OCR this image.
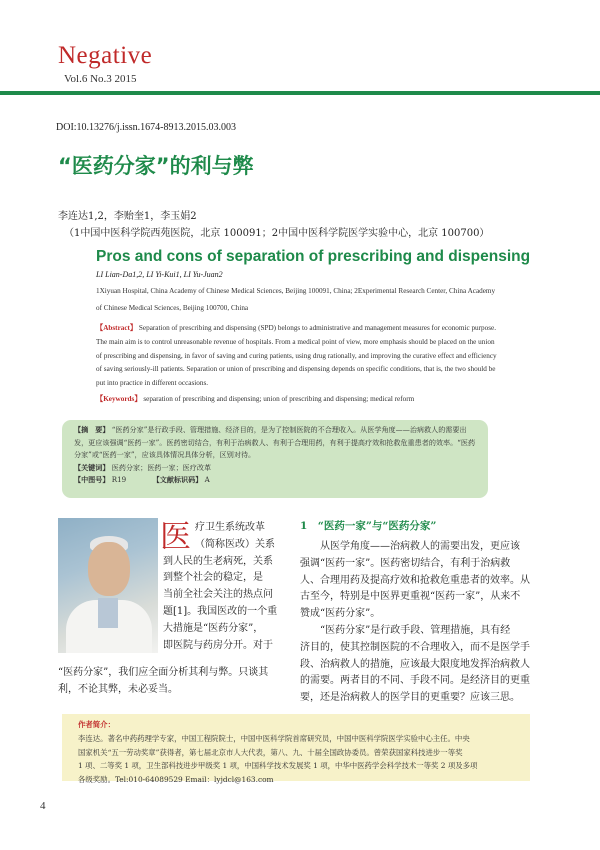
Negative
Vol.6 No.3 2015
DOI:10.13276/j.issn.1674-8913.2015.03.003
“医药分家”的利与弊
李连达1,2，李贻奎1，李玉娟2
（1中国中医科学院西苑医院，北京 100091；2中国中医科学院医学实验中心，北京 100700）
Pros and cons of separation of prescribing and dispensing
LI Lian-Da1,2, LI Yi-Kui1, LI Yu-Juan2
1Xiyuan Hospital, China Academy of Chinese Medical Sciences, Beijing 100091, China; 2Experimental Research Center, China Academy of Chinese Medical Sciences, Beijing 100700, China
【Abstract】 Separation of prescribing and dispensing (SPD) belongs to administrative and management measures for economic purpose. The main aim is to control unreasonable revenue of hospitals. From a medical point of view, more emphasis should be placed on the union of prescribing and dispensing, in favor of saving and curing patients, using drug rationally, and improving the curative effect and efficiency of saving seriously-ill patients. Separation or union of prescribing and dispensing depends on specific conditions, that is, the two should be put into practice in different occasions.
【Keywords】 separation of prescribing and dispensing; union of prescribing and dispensing; medical reform
【摘　要】 “医药分家”是行政手段、管理措施、经济目的，是为了控制医院的不合理收入。从医学角度——治病救人的需要出发，更应该强调“医药一家”。医药密切结合，有利于治病救人、有利于合理用药，有利于提高疗效和抢救危重患者的效率。“医药分家”或“医药一家”，应该具体情况具体分析，区别对待。
【关键词】 医药分家；医药一家；医疗改革
【中图号】 R19	【文献标识码】 A
医 疗卫生系统改革
（简称医改）关系
到人民的生老病死，关系
到整个社会的稳定，是
当前全社会关注的热点问
题[1]。我国医改的一个重
大措施是“医药分家”，
即医院与药房分开。对于
“医药分家”，我们应全面分析其利与弊。只谈其
利，不论其弊，未必妥当。
1　“医药一家”与“医药分家”
　　从医学角度——治病救人的需要出发，更应该
强调“医药一家”。医药密切结合，有利于治病救
人、合理用药及提高疗效和抢救危重患者的效率。从
古至今，特别是中医界更重视“医药一家”，从来不
赞成“医药分家”。
　　“医药分家”是行政手段、管理措施，具有经
济目的，使其控制医院的不合理收入，而不是医学手
段、治病救人的措施，应该最大限度地发挥治病救人
的需要。两者目的不同、手段不同。是经济目的更重
要，还是治病救人的医学目的更重要？应该三思。
作者简介：
李连达。著名中药药理学专家，中国工程院院士，中国中医科学院首席研究员，中国中医科学院医学实验中心主任。中央
国家机关“五一劳动奖章”获得者，第七届北京市人大代表，第八、九、十届全国政协委员。曾荣获国家科技进步一等奖
1 项、二等奖 1 项，卫生部科技进步甲级奖 1 项，中国科学技术发展奖 1 项，中华中医药学会科学技术一等奖 2 项及多项
各级奖励。Tel:010-64089529 Email：lyjdcl@163.com
4
